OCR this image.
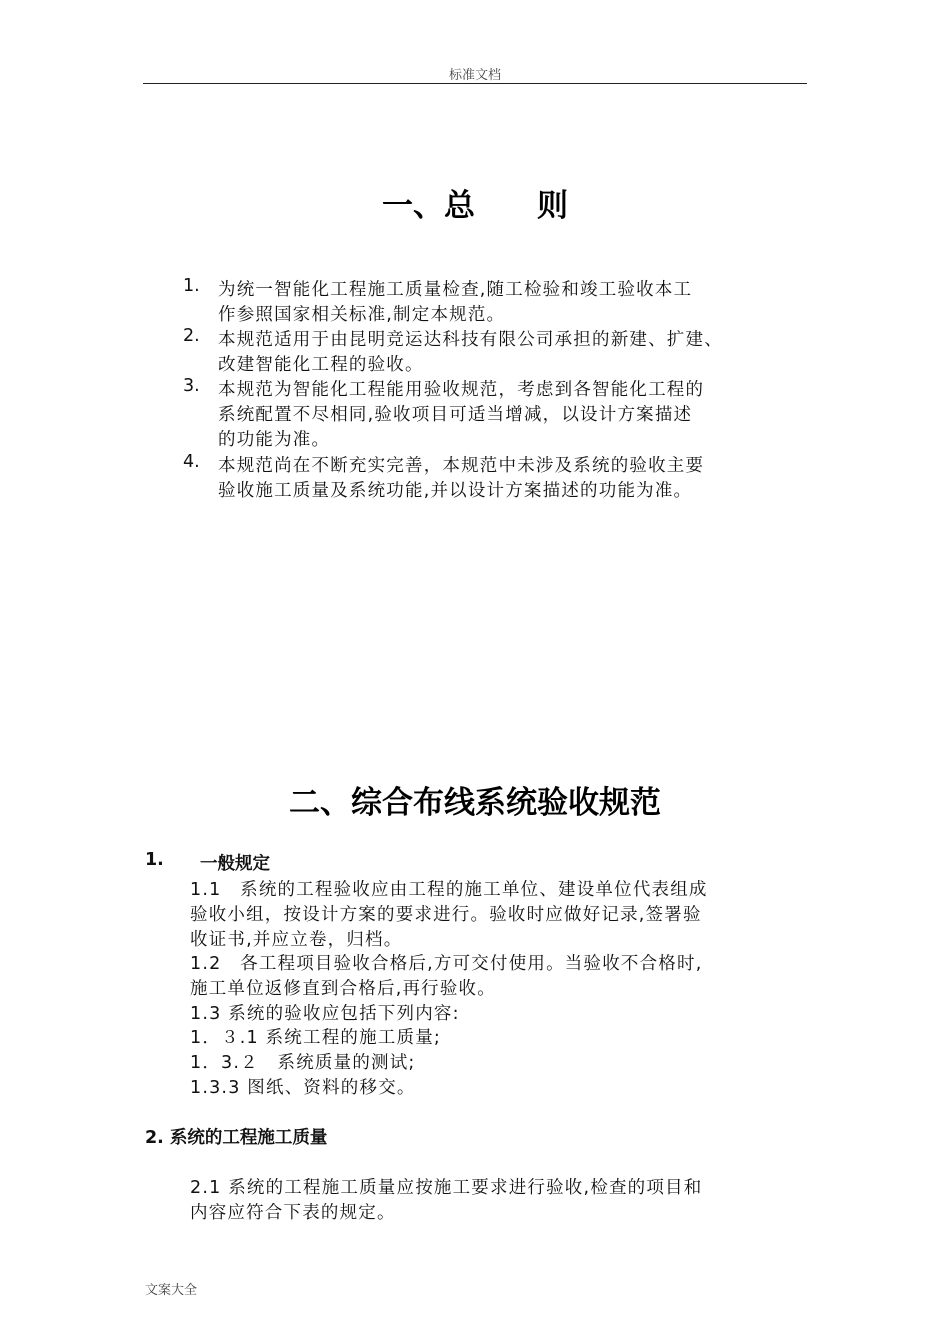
标准文档
一、总　　则
1. 为统一智能化工程施工质量检查,随工检验和竣工验收本工
作参照国家相关标准,制定本规范。
2. 本规范适用于由昆明竞运达科技有限公司承担的新建、扩建、
改建智能化工程的验收。
3. 本规范为智能化工程能用验收规范，考虑到各智能化工程的
系统配置不尽相同,验收项目可适当增减，以设计方案描述
的功能为准。
4. 本规范尚在不断充实完善，本规范中未涉及系统的验收主要
验收施工质量及系统功能,并以设计方案描述的功能为准。
二、综合布线系统验收规范
1. 一般规定
1.1　系统的工程验收应由工程的施工单位、建设单位代表组成
验收小组，按设计方案的要求进行。验收时应做好记录,签署验
收证书,并应立卷，归档。
1.2　各工程项目验收合格后,方可交付使用。当验收不合格时,
施工单位返修直到合格后,再行验收。
1.3 系统的验收应包括下列内容:
1．３.1 系统工程的施工质量;
1．3.２　系统质量的测试;
1.3.3 图纸、资料的移交。
2. 系统的工程施工质量
2.1 系统的工程施工质量应按施工要求进行验收,检查的项目和
内容应符合下表的规定。
文案大全
